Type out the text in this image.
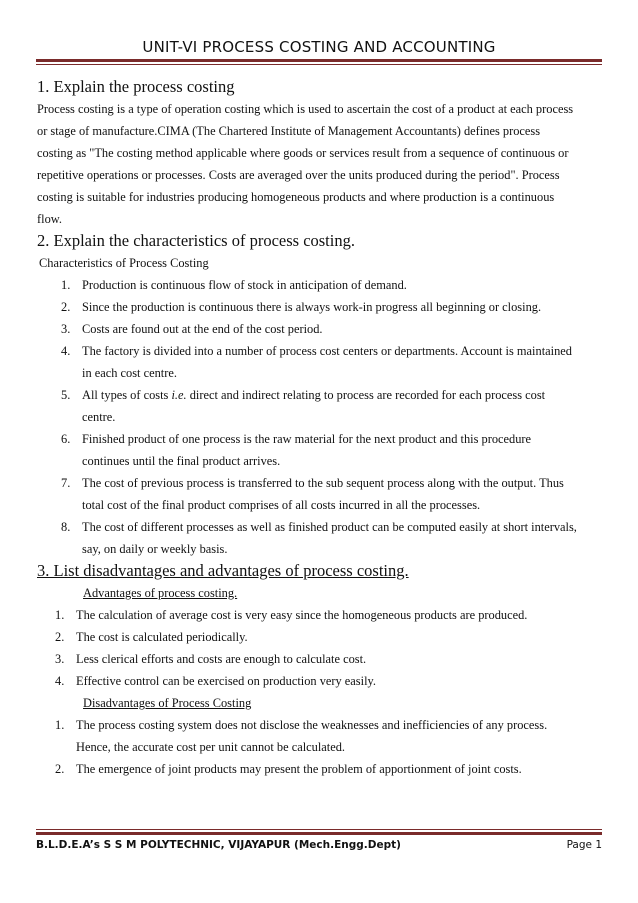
UNIT-VI PROCESS COSTING AND ACCOUNTING
1. Explain the process costing

Process costing is a type of operation costing which is used to ascertain the cost of a product at each process

or stage of manufacture.CIMA (The Chartered Institute of Management Accountants) defines process

costing as "The costing method applicable where goods or services result from a sequence of continuous or

repetitive operations or processes. Costs are averaged over the units produced during the period". Process

costing is suitable for industries producing homogeneous products and where production is a continuous

flow.

2. Explain the characteristics of process costing.

Characteristics of Process Costing

1. Production is continuous flow of stock in anticipation of demand.
2. Since the production is continuous there is always work-in progress all beginning or closing.
3. Costs are found out at the end of the cost period.
4. The factory is divided into a number of process cost centers or departments. Account is maintained
in each cost centre.
5. All types of costs i.e. direct and indirect relating to process are recorded for each process cost
centre.
6. Finished product of one process is the raw material for the next product and this procedure
continues until the final product arrives.
7. The cost of previous process is transferred to the sub sequent process along with the output. Thus
total cost of the final product comprises of all costs incurred in all the processes.
8. The cost of different processes as well as finished product can be computed easily at short intervals,
say, on daily or weekly basis.
3. List disadvantages and advantages of process costing.

Advantages of process costing.

1. The calculation of average cost is very easy since the homogeneous products are produced.
2. The cost is calculated periodically.
3. Less clerical efforts and costs are enough to calculate cost.
4. Effective control can be exercised on production very easily.

Disadvantages of Process Costing

1. The process costing system does not disclose the weaknesses and inefficiencies of any process.
Hence, the accurate cost per unit cannot be calculated.
2. The emergence of joint products may present the problem of apportionment of joint costs.
B.L.D.E.A’s S S M POLYTECHNIC, VIJAYAPUR (Mech.Engg.Dept)	Page 1
